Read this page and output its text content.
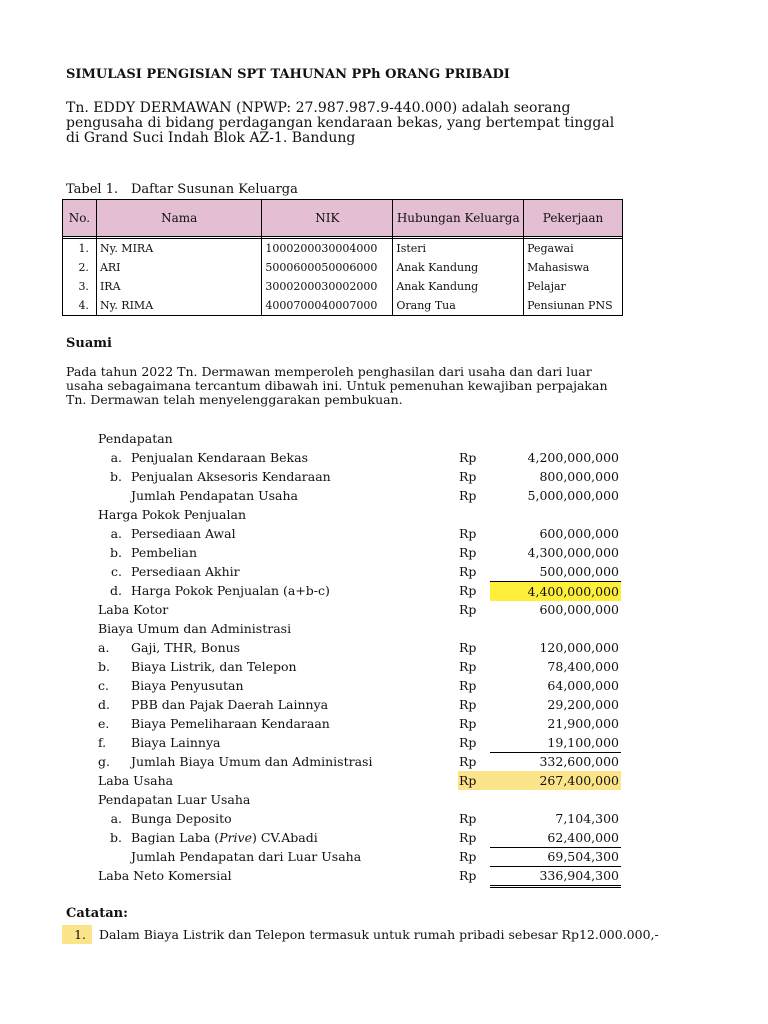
SIMULASI PENGISIAN SPT TAHUNAN PPh ORANG PRIBADI
Tn. EDDY DERMAWAN (NPWP: 27.987.987.9-440.000) adalah seorang pengusaha di bidang perdagangan kendaraan bekas, yang bertempat tinggal di Grand Suci Indah Blok AZ-1. Bandung
Tabel 1. Daftar Susunan Keluarga
No.	Nama	NIK	Hubungan Keluarga	Pekerjaan

1.	Ny. MIRA	1000200030004000	Isteri	Pegawai
2.	ARI	5000600050006000	Anak Kandung	Mahasiswa
3.	IRA	3000200030002000	Anak Kandung	Pelajar
4.	Ny. RIMA	4000700040007000	Orang Tua	Pensiunan PNS
Suami
Pada tahun 2022 Tn. Dermawan memperoleh penghasilan dari usaha dan dari luar usaha sebagaimana tercantum dibawah ini. Untuk pemenuhan kewajiban perpajakan Tn. Dermawan telah menyelenggarakan pembukuan.
Pendapatan
a. Penjualan Kendaraan Bekas	Rp	4,200,000,000
b. Penjualan Aksesoris Kendaraan	Rp	800,000,000
Jumlah Pendapatan Usaha	Rp	5,000,000,000
Harga Pokok Penjualan
a. Persediaan Awal	Rp	600,000,000
b. Pembelian	Rp	4,300,000,000
c. Persediaan Akhir	Rp	500,000,000
d. Harga Pokok Penjualan (a+b-c)	Rp	4,400,000,000
Laba Kotor	Rp	600,000,000
Biaya Umum dan Administrasi
a. Gaji, THR, Bonus	Rp	120,000,000
b. Biaya Listrik, dan Telepon	Rp	78,400,000
c. Biaya Penyusutan	Rp	64,000,000
d. PBB dan Pajak Daerah Lainnya	Rp	29,200,000
e. Biaya Pemeliharaan Kendaraan	Rp	21,900,000
f. Biaya Lainnya	Rp	19,100,000
g. Jumlah Biaya Umum dan Administrasi	Rp	332,600,000
Laba Usaha	Rp	267,400,000
Pendapatan Luar Usaha
a. Bunga Deposito	Rp	7,104,300
b. Bagian Laba (Prive) CV.Abadi	Rp	62,400,000
Jumlah Pendapatan dari Luar Usaha	Rp	69,504,300
Laba Neto Komersial	Rp	336,904,300
Catatan:
1.	Dalam Biaya Listrik dan Telepon termasuk untuk rumah pribadi sebesar Rp12.000.000,-
